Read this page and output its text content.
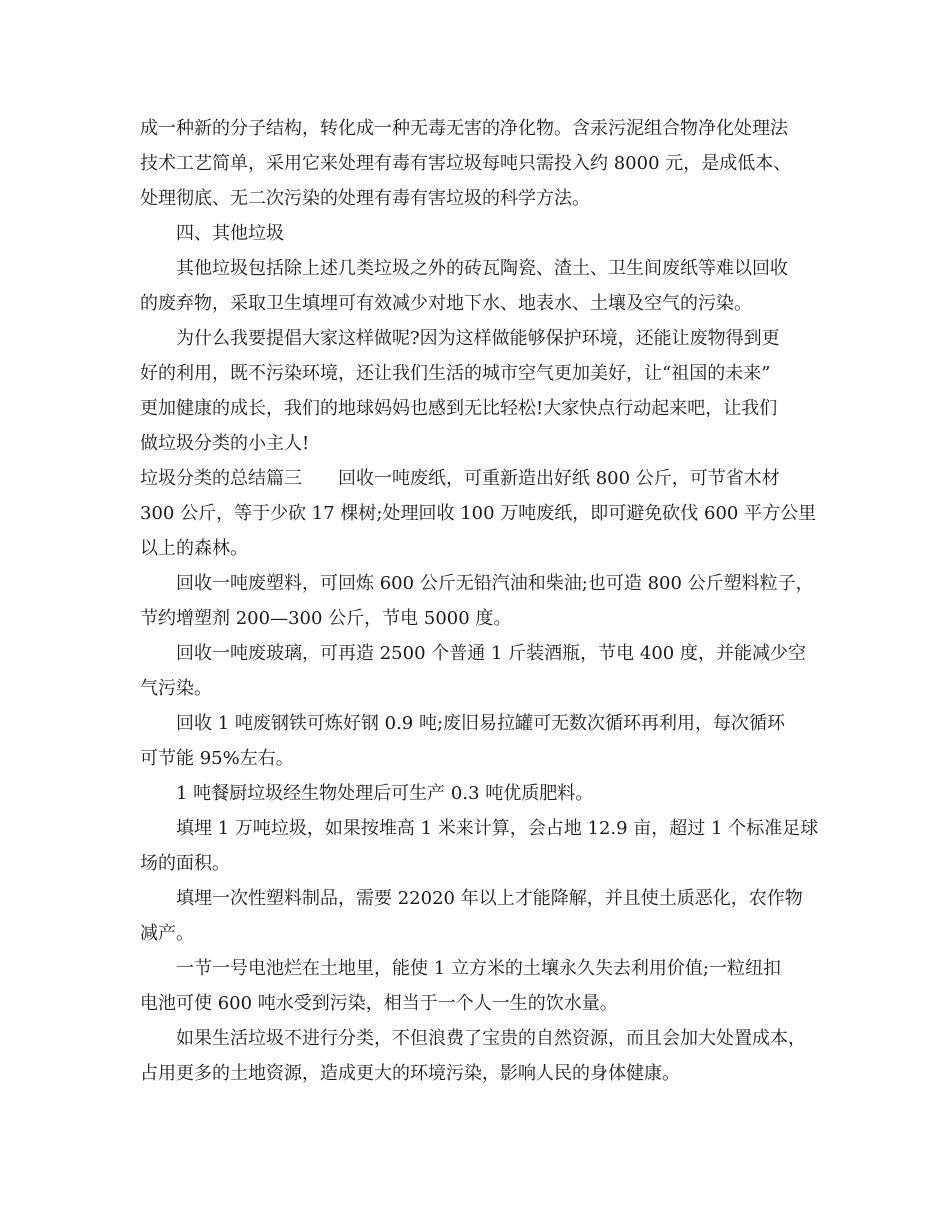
成一种新的分子结构，转化成一种无毒无害的净化物。含汞污泥组合物净化处理法
技术工艺简单，采用它来处理有毒有害垃圾每吨只需投入约 8000 元，是成低本、
处理彻底、无二次污染的处理有毒有害垃圾的科学方法。
四、其他垃圾
其他垃圾包括除上述几类垃圾之外的砖瓦陶瓷、渣土、卫生间废纸等难以回收
的废弃物，采取卫生填埋可有效减少对地下水、地表水、土壤及空气的污染。
为什么我要提倡大家这样做呢?因为这样做能够保护环境，还能让废物得到更
好的利用，既不污染环境，还让我们生活的城市空气更加美好，让“祖国的未来”
更加健康的成长，我们的地球妈妈也感到无比轻松!大家快点行动起来吧，让我们
做垃圾分类的小主人!
垃圾分类的总结篇三　　回收一吨废纸，可重新造出好纸 800 公斤，可节省木材
300 公斤，等于少砍 17 棵树;处理回收 100 万吨废纸，即可避免砍伐 600 平方公里
以上的森林。
回收一吨废塑料，可回炼 600 公斤无铅汽油和柴油;也可造 800 公斤塑料粒子，
节约增塑剂 200—300 公斤，节电 5000 度。
回收一吨废玻璃，可再造 2500 个普通 1 斤装酒瓶，节电 400 度，并能减少空
气污染。
回收 1 吨废钢铁可炼好钢 0.9 吨;废旧易拉罐可无数次循环再利用，每次循环
可节能 95%左右。
1 吨餐厨垃圾经生物处理后可生产 0.3 吨优质肥料。
填埋 1 万吨垃圾，如果按堆高 1 米来计算，会占地 12.9 亩，超过 1 个标准足球
场的面积。
填埋一次性塑料制品，需要 22020 年以上才能降解，并且使土质恶化，农作物
减产。
一节一号电池烂在土地里，能使 1 立方米的土壤永久失去利用价值;一粒纽扣
电池可使 600 吨水受到污染，相当于一个人一生的饮水量。
如果生活垃圾不进行分类，不但浪费了宝贵的自然资源，而且会加大处置成本，
占用更多的土地资源，造成更大的环境污染，影响人民的身体健康。
